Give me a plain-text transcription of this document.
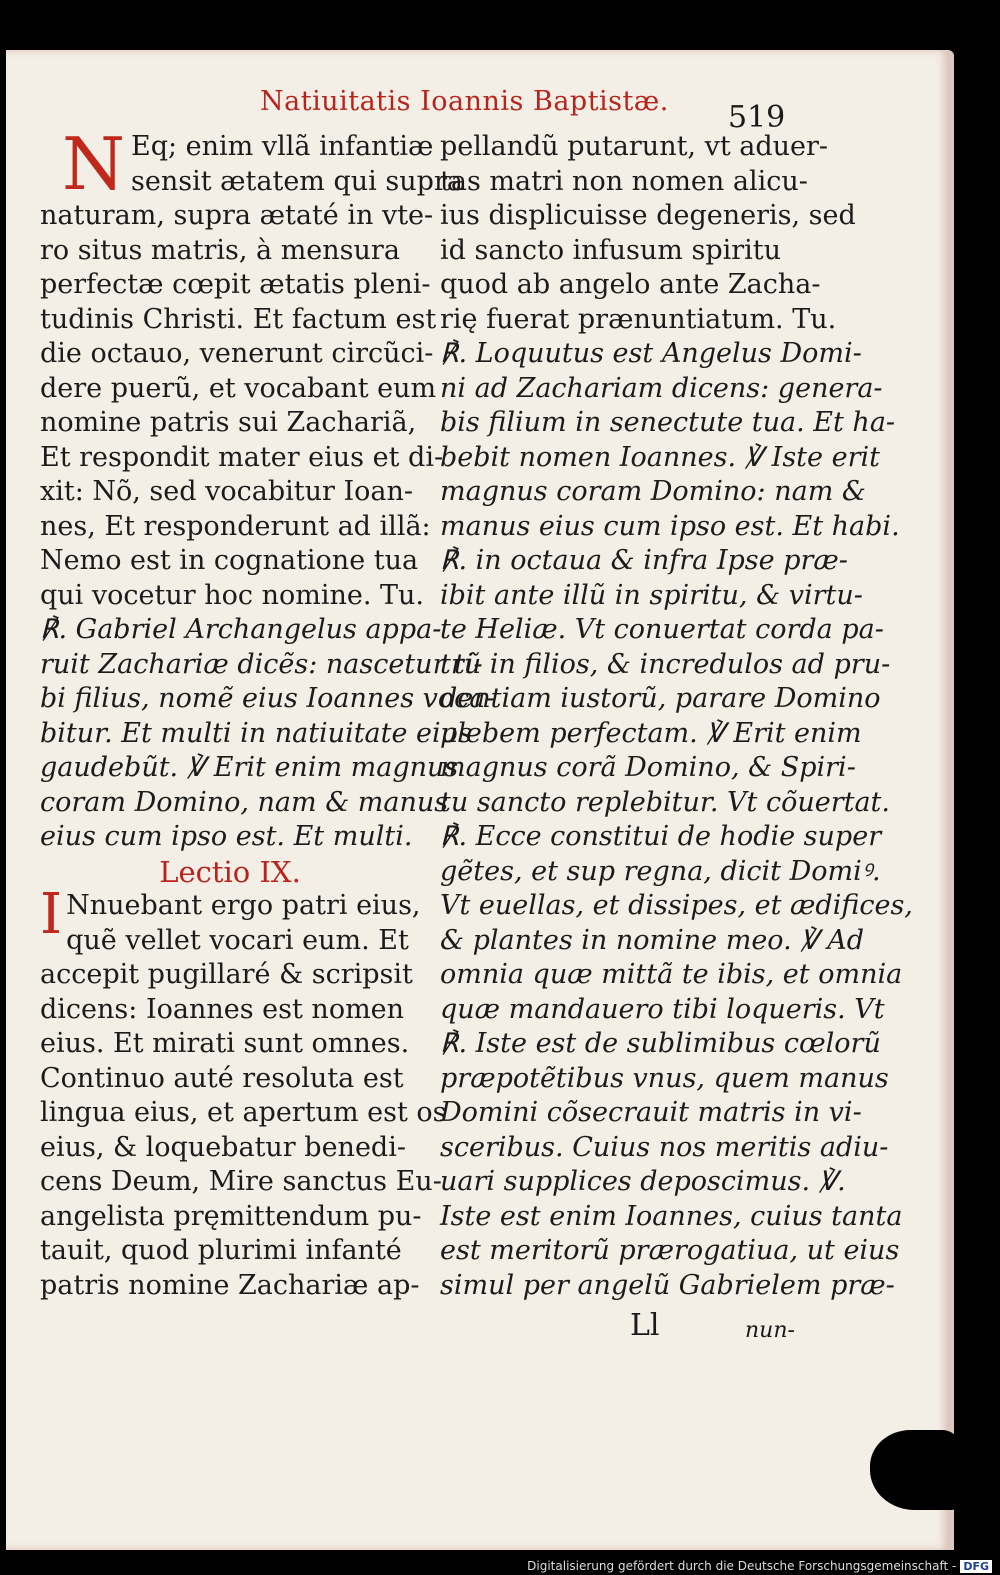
Natiuitatis Ioannis Baptistæ. 519
N Eq; enim vllã infantiæ
sensit ætatem qui supra
naturam, supra ætaté in vte-
ro situs matris, à mensura
perfectæ cœpit ætatis pleni-
tudinis Christi. Et factum est
die octauo, venerunt circũci-
dere puerũ, et vocabant eum
nomine patris sui Zachariã,
Et respondit mater eius et di-
xit: Nõ, sed vocabitur Ioan-
nes, Et responderunt ad illã:
Nemo est in cognatione tua
qui vocetur hoc nomine. Tu.
℟. Gabriel Archangelus appa-
ruit Zachariæ dicẽs: nascetur ti-
bi filius, nomẽ eius Ioannes voca-
bitur. Et multi in natiuitate eius
gaudebũt. ℣ Erit enim magnus
coram Domino, nam & manus
eius cum ipso est. Et multi.
Lectio IX.
I Nnuebant ergo patri eius,
quẽ vellet vocari eum. Et
accepit pugillaré & scripsit
dicens: Ioannes est nomen
eius. Et mirati sunt omnes.
Continuo auté resoluta est
lingua eius, et apertum est os
eius, & loquebatur benedi-
cens Deum, Mire sanctus Eu-
angelista pręmittendum pu-
tauit, quod plurimi infanté
patris nomine Zachariæ ap-
pellandũ putarunt, vt aduer-
tas matri non nomen alicu-
ius displicuisse degeneris, sed
id sancto infusum spiritu
quod ab angelo ante Zacha-
rię fuerat prænuntiatum. Tu.
℟. Loquutus est Angelus Domi-
ni ad Zachariam dicens: genera-
bis filium in senectute tua. Et ha-
bebit nomen Ioannes. ℣ Iste erit
magnus coram Domino: nam &
manus eius cum ipso est. Et habi.
℟. in octaua & infra Ipse præ-
ibit ante illũ in spiritu, & virtu-
te Heliæ. Vt conuertat corda pa-
trũ in filios, & incredulos ad pru-
dentiam iustorũ, parare Domino
plebem perfectam. ℣ Erit enim
magnus corã Domino, & Spiri-
tu sancto replebitur. Vt cõuertat.
℟. Ecce constitui de hodie super
gẽtes, et sup regna, dicit Domiꝰ.
Vt euellas, et dissipes, et ædifices,
& plantes in nomine meo. ℣ Ad
omnia quæ mittã te ibis, et omnia
quæ mandauero tibi loqueris. Vt
℟. Iste est de sublimibus cœlorũ
præpotẽtibus vnus, quem manus
Domini cõsecrauit matris in vi-
sceribus. Cuius nos meritis adiu-
uari supplices deposcimus. ℣.
Iste est enim Ioannes, cuius tanta
est meritorũ prærogatiua, ut eius
simul per angelũ Gabrielem præ-
Ll	nun-
Digitalisierung gefördert durch die Deutsche Forschungsgemeinschaft - DFG
